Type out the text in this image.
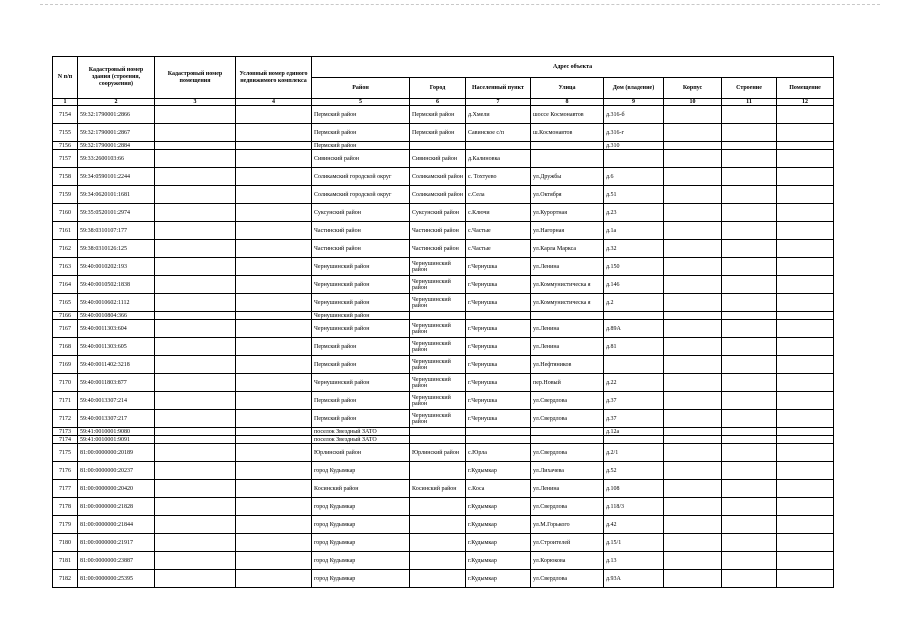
N п/п	Кадастровый номер здания (строения, сооружения)	Кадастровый номер помещения	Условный номер единого недвижимого комплекса	Адрес объекта							
				Район	Город	Населенный пункт	Улица	Дом (владение)	Корпус	Строение	Помещение
1	2	3	4	5	6	7	8	9	10	11	12
7154	59:32:1790001:2866			Пермский район	Пермский район	д.Хмели	шоссе Космонавтов	д.316-б			
7155	59:32:1790001:2867			Пермский район	Пермский район	Савинское с/п	ш.Космонавтов	д.316-г			
7156	59:32:1790001:2884			Пермский район				д.310			
7157	59:33:2600103:66			Сивинский район	Сивинский район	д.Калиновка					
7158	59:34:0590101:2244			Соликамский городской округ	Соликамский район	с. Тохтуево	ул.Дружбы	д.6			
7159	59:34:0620101:1681			Соликамский городской округ	Соликамский район	с.Села	ул.Октября	д.51			
7160	59:35:0520101:2974			Суксунский район	Суксунский район	с.Ключи	ул.Курортная	д.23			
7161	59:38:0310107:177			Частинский район	Частинский район	с.Частые	ул.Нагорная	д.1а			
7162	59:38:0310126:125			Частинский район	Частинский район	с.Частые	ул.Карла Маркса	д.32			
7163	59:40:0010202:193			Чернушинский район	Чернушинский район	г.Чернушка	ул.Ленина	д.150			
7164	59:40:0010502:1838			Чернушинский район	Чернушинский район	г.Чернушка	ул.Коммунистическа я	д.146			
7165	59:40:0010602:1112			Чернушинский район	Чернушинский район	г.Чернушка	ул.Коммунистическа я	д.2			
7166	59:40:0010804:366			Чернушинский район							
7167	59:40:0011303:604			Чернушинский район	Чернушинский район	г.Чернушка	ул.Ленина	д.89А			
7168	59:40:0011303:605			Пермский район	Чернушинский район	г.Чернушка	ул.Ленина	д.81			
7169	59:40:0011402:3218			Пермский район	Чернушинский район	г.Чернушка	ул.Нефтяников				
7170	59:40:0011803:877			Чернушинский район	Чернушинский район	г.Чернушка	пер.Новый	д.22			
7171	59:40:0013307:214			Пермский район	Чернушинский район	г.Чернушка	ул.Свердлова	д.37			
7172	59:40:0013307:217			Пермский район	Чернушинский район	г.Чернушка	ул.Свердлова	д.37			
7173	59:41:0010001:9080			поселок Звездный ЗАТО				д.12а			
7174	59:41:0010001:9091			поселок Звездный ЗАТО							
7175	81:00:0000000:20189			Юрлинский район	Юрлинский район	с.Юрла	ул.Свердлова	д.2/1			
7176	81:00:0000000:20237			город Кудымкар		г.Кудымкар	ул.Лихачева	д.52			
7177	81:00:0000000:20420			Косинский район	Косинский район	с.Коса	ул.Ленина	д.108			
7178	81:00:0000000:21828			город Кудымкар		г.Кудымкар	ул.Свердлова	д.118/3			
7179	81:00:0000000:21844			город Кудымкар		г.Кудымкар	ул.М.Горького	д.42			
7180	81:00:0000000:21917			город Кудымкар		г.Кудымкар	ул.Строителей	д.15/1			
7181	81:00:0000000:23887			город Кудымкар		г.Кудымкар	ул.Корюкова	д.13			
7182	81:00:0000000:25395			город Кудымкар		г.Кудымкар	ул.Свердлова	д.93А			
